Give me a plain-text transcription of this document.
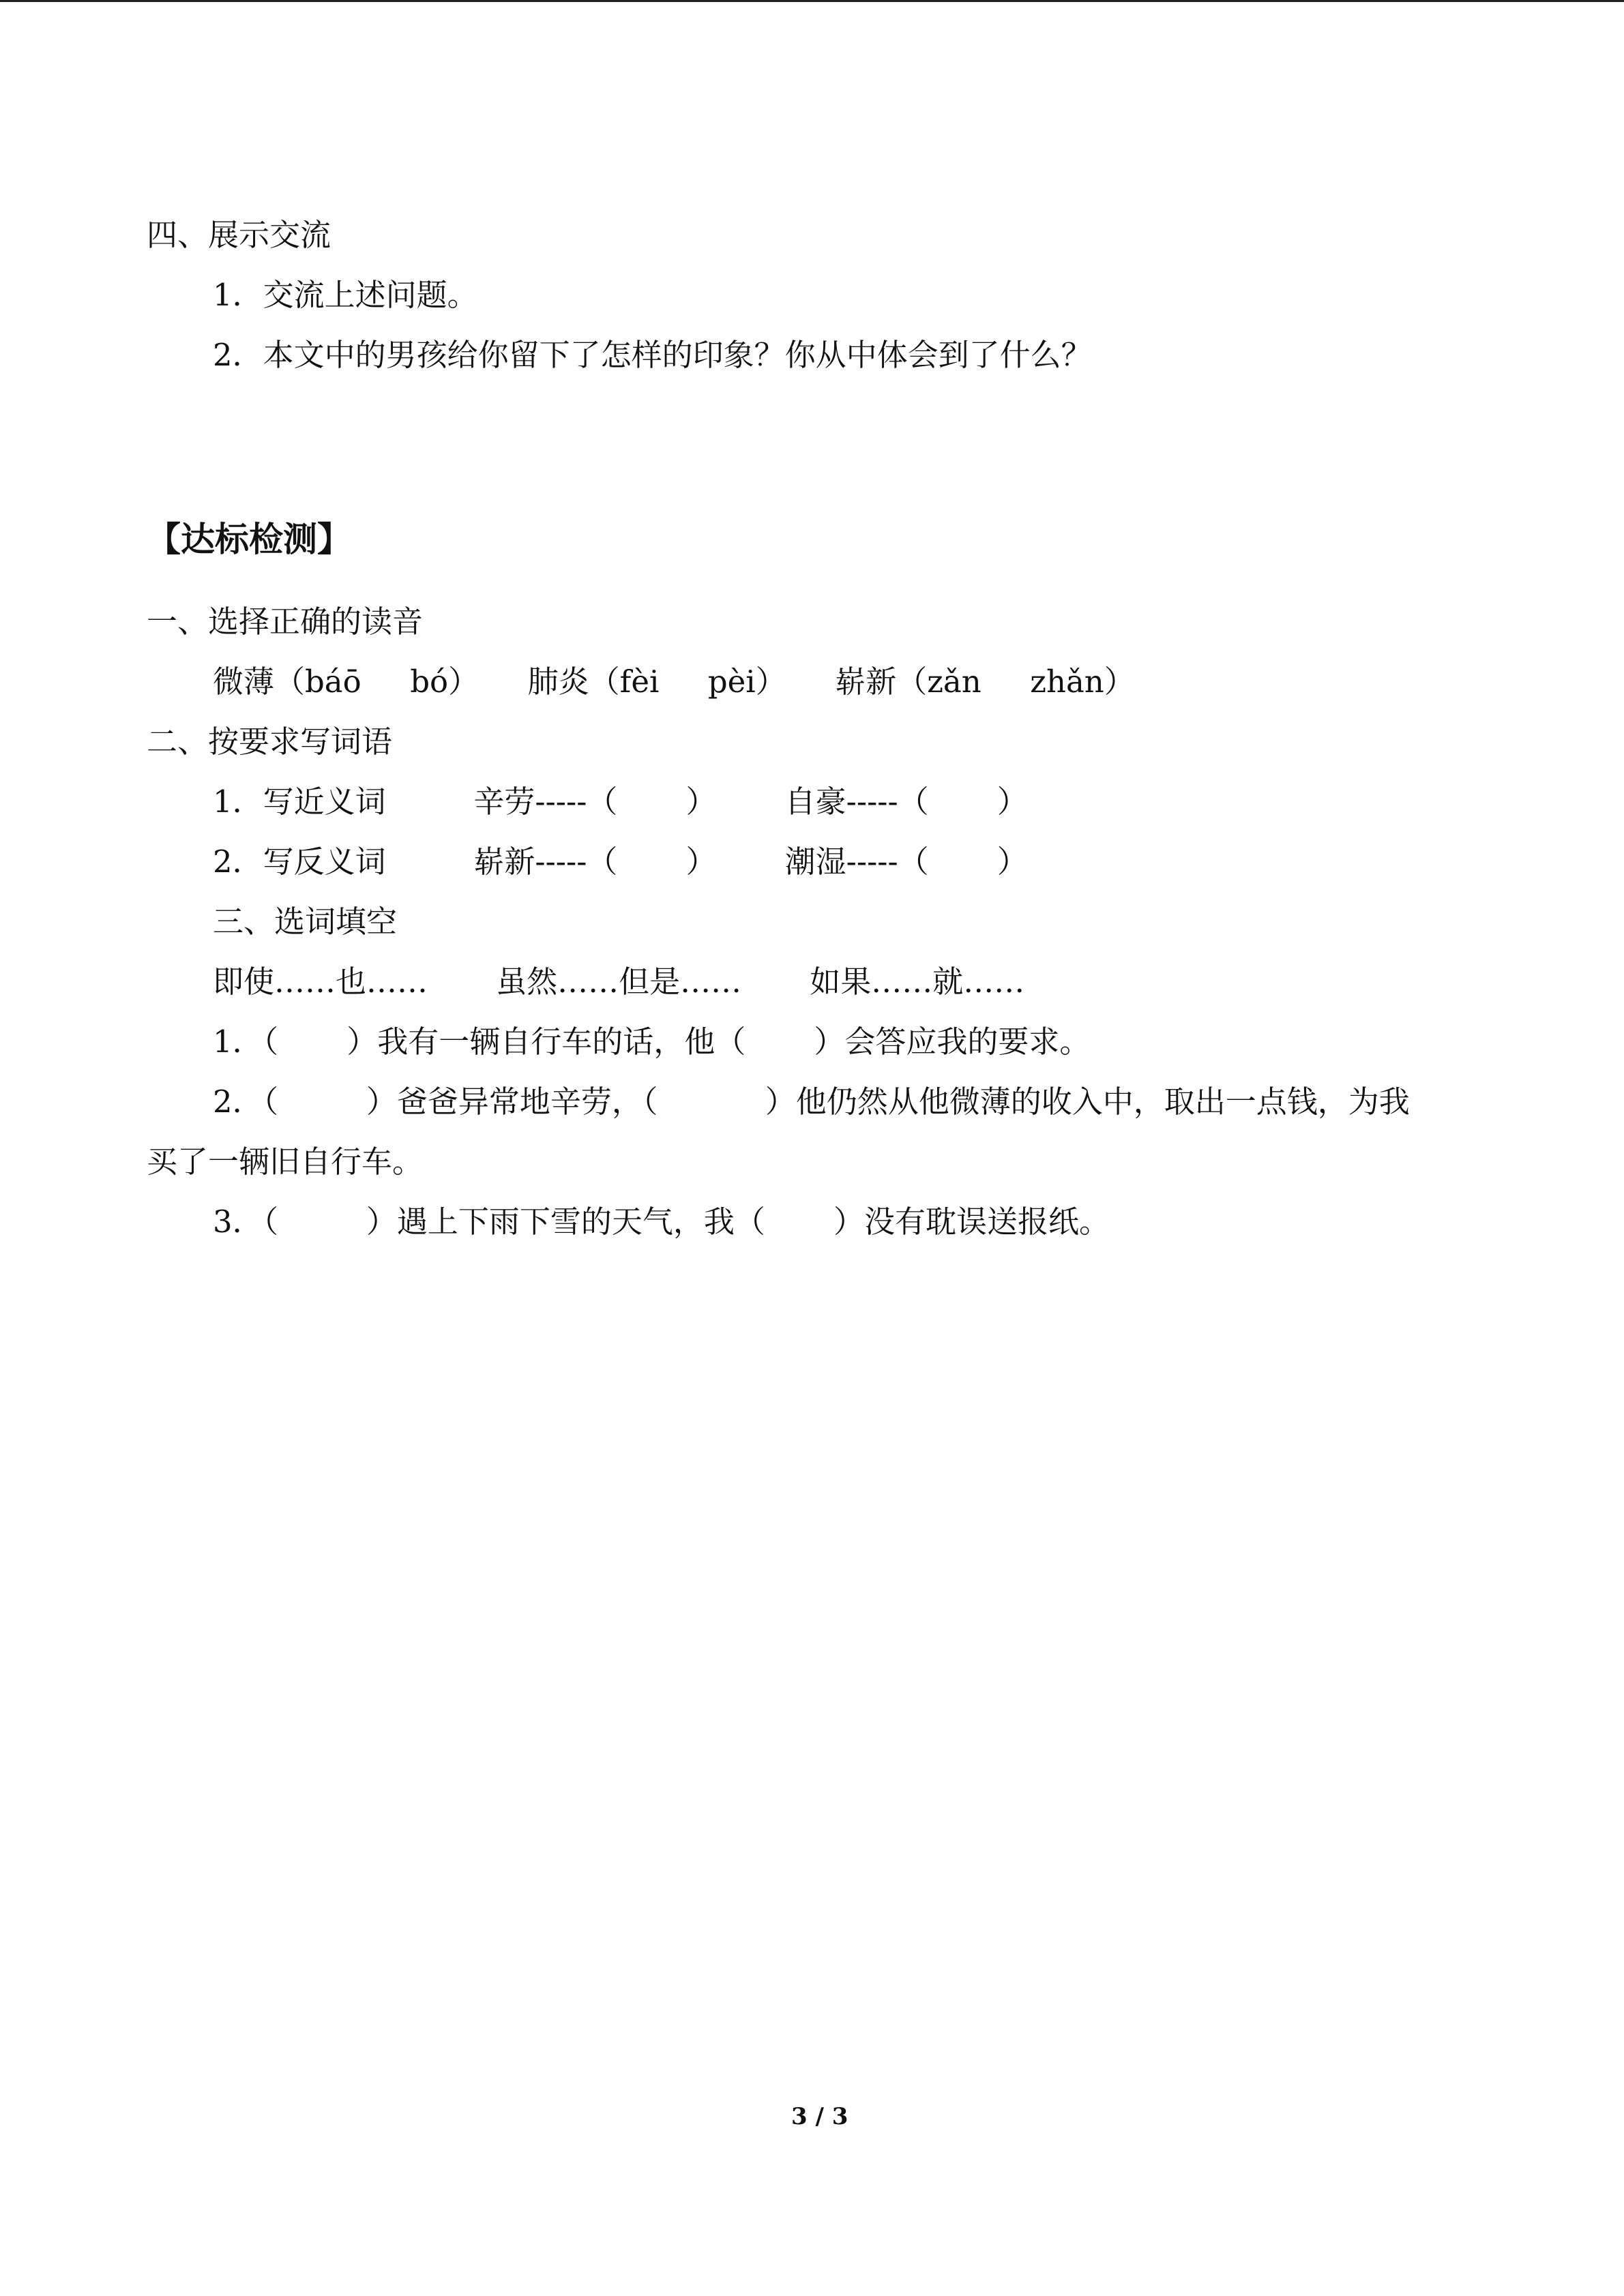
四、展示交流
1．交流上述问题。
2．本文中的男孩给你留下了怎样的印象？你从中体会到了什么？
【达标检测】
一、选择正确的读音
微薄（báō     bó）     肺炎（fèi     pèi）     崭新（zǎn     zhǎn）
二、按要求写词语
1．写近义词         辛劳-----（       ）       自豪-----（       ）
2．写反义词         崭新-----（       ）       潮湿-----（       ）
三、选词填空
即使……也……       虽然……但是……       如果……就……
1．（       ）我有一辆自行车的话，他（       ）会答应我的要求。
2．（         ）爸爸异常地辛劳，（           ）他仍然从他微薄的收入中，取出一点钱，为我
买了一辆旧自行车。
3．（         ）遇上下雨下雪的天气，我（       ）没有耽误送报纸。
3 / 3
